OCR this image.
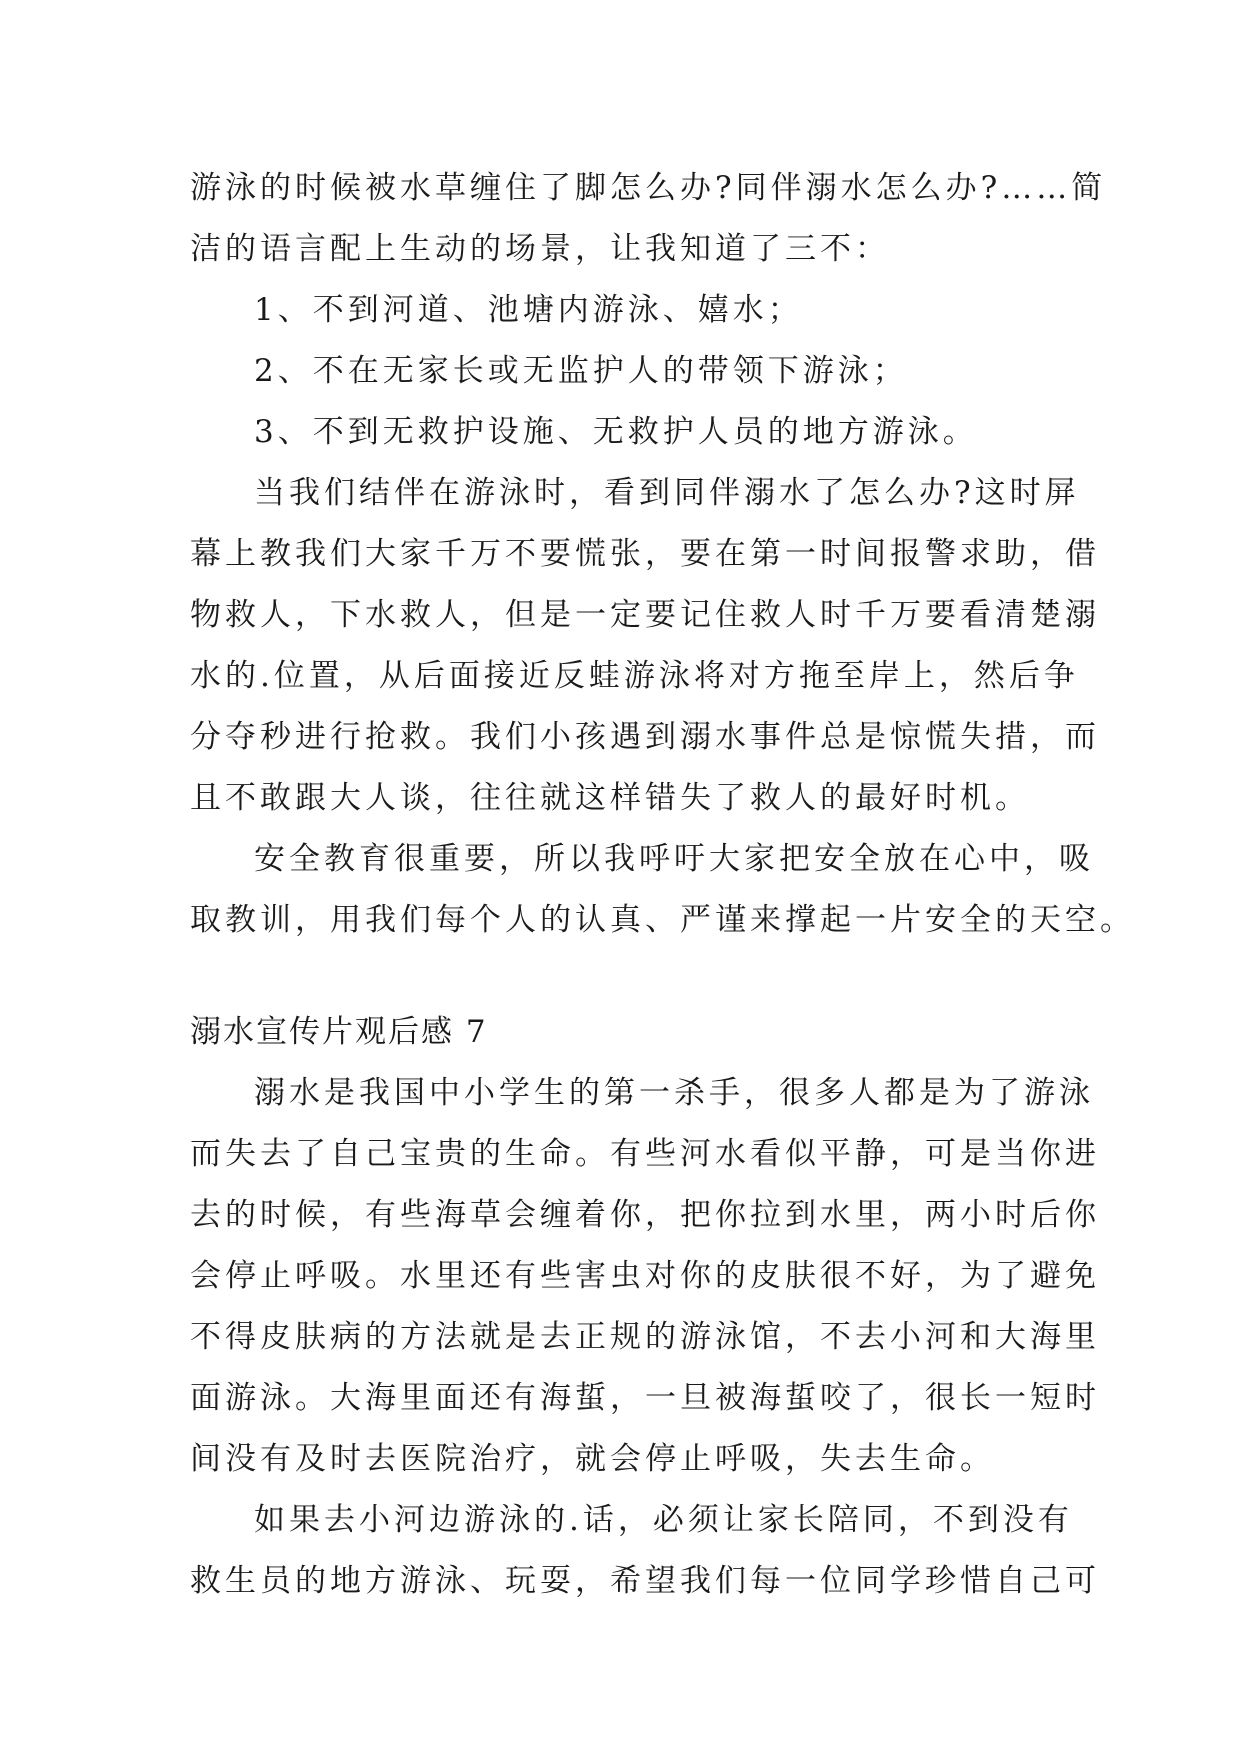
游泳的时候被水草缠住了脚怎么办?同伴溺水怎么办?……简
洁的语言配上生动的场景，让我知道了三不：
1、不到河道、池塘内游泳、嬉水；
2、不在无家长或无监护人的带领下游泳；
3、不到无救护设施、无救护人员的地方游泳。
当我们结伴在游泳时，看到同伴溺水了怎么办?这时屏
幕上教我们大家千万不要慌张，要在第一时间报警求助，借
物救人，下水救人，但是一定要记住救人时千万要看清楚溺
水的.位置，从后面接近反蛙游泳将对方拖至岸上，然后争
分夺秒进行抢救。我们小孩遇到溺水事件总是惊慌失措，而
且不敢跟大人谈，往往就这样错失了救人的最好时机。
安全教育很重要，所以我呼吁大家把安全放在心中，吸
取教训，用我们每个人的认真、严谨来撑起一片安全的天空。
溺水宣传片观后感 7
溺水是我国中小学生的第一杀手，很多人都是为了游泳
而失去了自己宝贵的生命。有些河水看似平静，可是当你进
去的时候，有些海草会缠着你，把你拉到水里，两小时后你
会停止呼吸。水里还有些害虫对你的皮肤很不好，为了避免
不得皮肤病的方法就是去正规的游泳馆，不去小河和大海里
面游泳。大海里面还有海蜇，一旦被海蜇咬了，很长一短时
间没有及时去医院治疗，就会停止呼吸，失去生命。
如果去小河边游泳的.话，必须让家长陪同，不到没有
救生员的地方游泳、玩耍，希望我们每一位同学珍惜自己可
